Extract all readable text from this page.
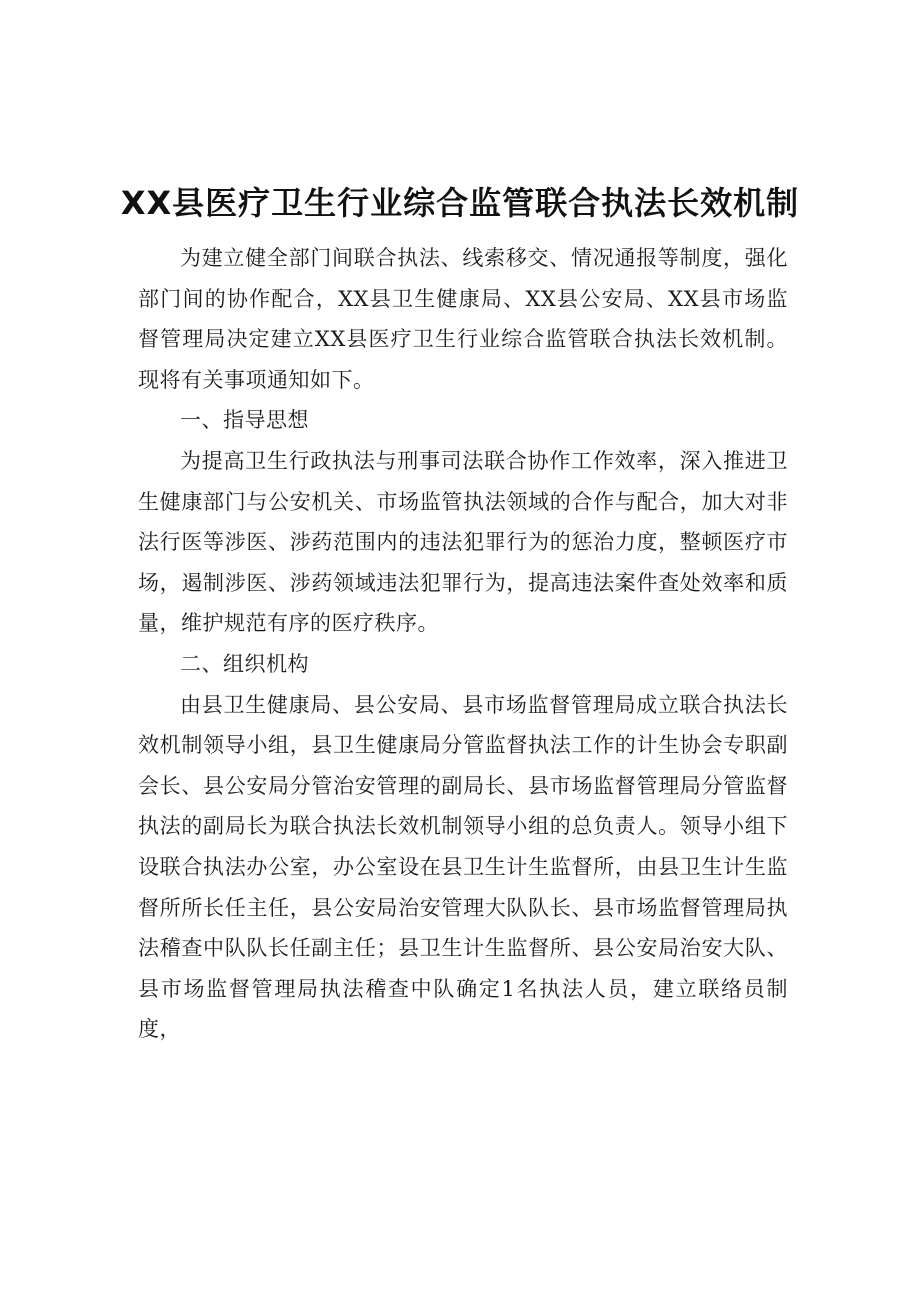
XX县医疗卫生行业综合监管联合执法长效机制

为建立健全部门间联合执法、线索移交、情况通报等制度，强化部门间的协作配合，XX县卫生健康局、XX县公安局、XX县市场监督管理局决定建立XX县医疗卫生行业综合监管联合执法长效机制。现将有关事项通知如下。

一、指导思想

为提高卫生行政执法与刑事司法联合协作工作效率，深入推进卫生健康部门与公安机关、市场监管执法领域的合作与配合，加大对非法行医等涉医、涉药范围内的违法犯罪行为的惩治力度，整顿医疗市场，遏制涉医、涉药领域违法犯罪行为，提高违法案件查处效率和质量，维护规范有序的医疗秩序。

二、组织机构

由县卫生健康局、县公安局、县市场监督管理局成立联合执法长效机制领导小组，县卫生健康局分管监督执法工作的计生协会专职副会长、县公安局分管治安管理的副局长、县市场监督管理局分管监督执法的副局长为联合执法长效机制领导小组的总负责人。领导小组下设联合执法办公室，办公室设在县卫生计生监督所，由县卫生计生监督所所长任主任，县公安局治安管理大队队长、县市场监督管理局执法稽查中队队长任副主任；县卫生计生监督所、县公安局治安大队、县市场监督管理局执法稽查中队确定1名执法人员，建立联络员制度，
